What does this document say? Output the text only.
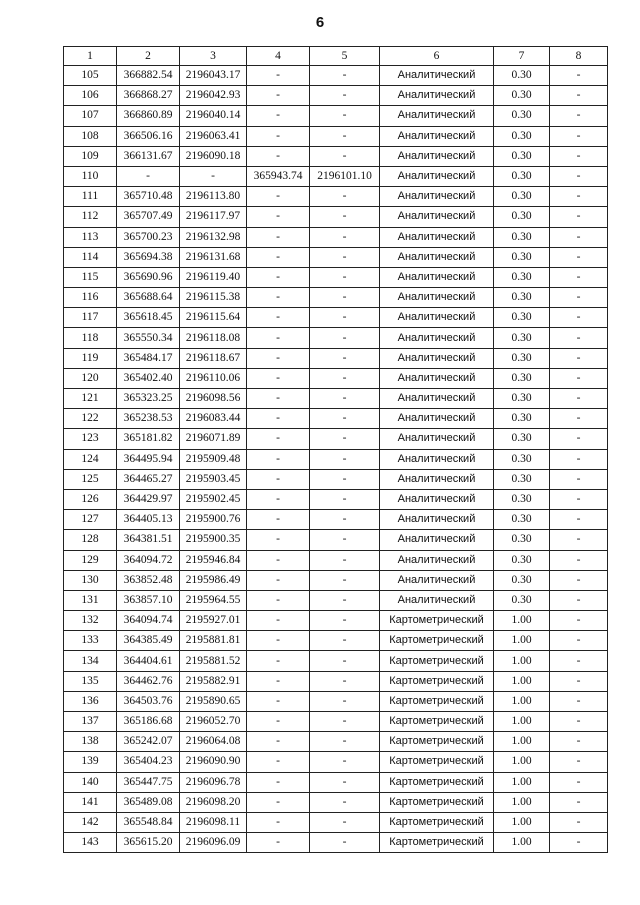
6
1	2	3	4	5	6	7	8
105	366882.54	2196043.17	-	-	Аналитический	0.30	-
106	366868.27	2196042.93	-	-	Аналитический	0.30	-
107	366860.89	2196040.14	-	-	Аналитический	0.30	-
108	366506.16	2196063.41	-	-	Аналитический	0.30	-
109	366131.67	2196090.18	-	-	Аналитический	0.30	-
110	-	-	365943.74	2196101.10	Аналитический	0.30	-
111	365710.48	2196113.80	-	-	Аналитический	0.30	-
112	365707.49	2196117.97	-	-	Аналитический	0.30	-
113	365700.23	2196132.98	-	-	Аналитический	0.30	-
114	365694.38	2196131.68	-	-	Аналитический	0.30	-
115	365690.96	2196119.40	-	-	Аналитический	0.30	-
116	365688.64	2196115.38	-	-	Аналитический	0.30	-
117	365618.45	2196115.64	-	-	Аналитический	0.30	-
118	365550.34	2196118.08	-	-	Аналитический	0.30	-
119	365484.17	2196118.67	-	-	Аналитический	0.30	-
120	365402.40	2196110.06	-	-	Аналитический	0.30	-
121	365323.25	2196098.56	-	-	Аналитический	0.30	-
122	365238.53	2196083.44	-	-	Аналитический	0.30	-
123	365181.82	2196071.89	-	-	Аналитический	0.30	-
124	364495.94	2195909.48	-	-	Аналитический	0.30	-
125	364465.27	2195903.45	-	-	Аналитический	0.30	-
126	364429.97	2195902.45	-	-	Аналитический	0.30	-
127	364405.13	2195900.76	-	-	Аналитический	0.30	-
128	364381.51	2195900.35	-	-	Аналитический	0.30	-
129	364094.72	2195946.84	-	-	Аналитический	0.30	-
130	363852.48	2195986.49	-	-	Аналитический	0.30	-
131	363857.10	2195964.55	-	-	Аналитический	0.30	-
132	364094.74	2195927.01	-	-	Картометрический	1.00	-
133	364385.49	2195881.81	-	-	Картометрический	1.00	-
134	364404.61	2195881.52	-	-	Картометрический	1.00	-
135	364462.76	2195882.91	-	-	Картометрический	1.00	-
136	364503.76	2195890.65	-	-	Картометрический	1.00	-
137	365186.68	2196052.70	-	-	Картометрический	1.00	-
138	365242.07	2196064.08	-	-	Картометрический	1.00	-
139	365404.23	2196090.90	-	-	Картометрический	1.00	-
140	365447.75	2196096.78	-	-	Картометрический	1.00	-
141	365489.08	2196098.20	-	-	Картометрический	1.00	-
142	365548.84	2196098.11	-	-	Картометрический	1.00	-
143	365615.20	2196096.09	-	-	Картометрический	1.00	-
